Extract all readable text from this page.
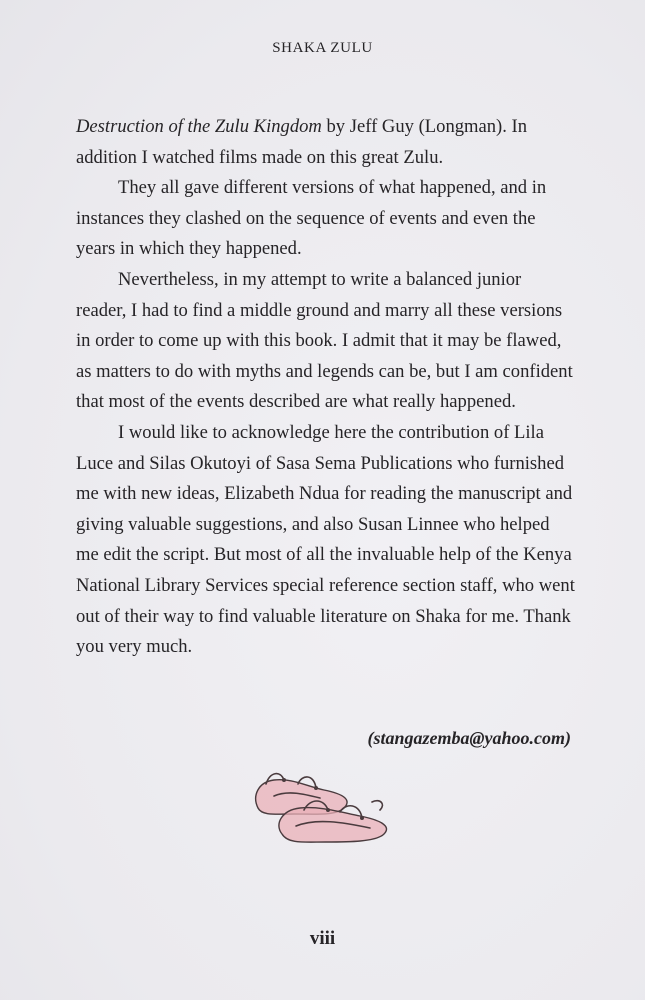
SHAKA ZULU

Destruction of the Zulu Kingdom by Jeff Guy (Longman). In addition I watched films made on this great Zulu.

They all gave different versions of what happened, and in instances they clashed on the sequence of events and even the years in which they happened.

Nevertheless, in my attempt to write a balanced junior reader, I had to find a middle ground and marry all these versions in order to come up with this book. I admit that it may be flawed, as matters to do with myths and legends can be, but I am confident that most of the events described are what really happened.

I would like to acknowledge here the contribution of Lila Luce and Silas Okutoyi of Sasa Sema Publications who furnished me with new ideas, Elizabeth Ndua for reading the manuscript and giving valuable suggestions, and also Susan Linnee who helped me edit the script. But most of all the invaluable help of the Kenya National Library Services special reference section staff, who went out of their way to find valuable literature on Shaka for me. Thank you very much.

(stangazemba@yahoo.com)
viii
